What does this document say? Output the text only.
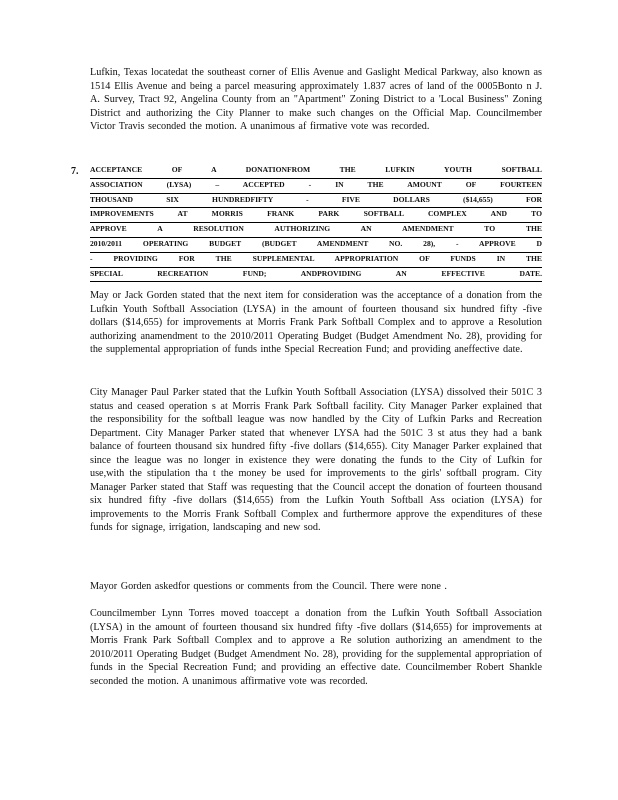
Lufkin, Texas locatedat the southeast corner of Ellis Avenue and Gaslight Medical Parkway, also known as 1514 Ellis Avenue and being a parcel measuring approximately 1.837 acres of land of the 0005Bonto n J. A. Survey, Tract 92, Angelina County from an "Apartment" Zoning District to a 'Local Business" Zoning District and authorizing the City Planner to make such changes on the Official Map. Councilmember Victor Travis seconded the motion. A unanimous af firmative vote was recorded.
7. ACCEPTANCE OF A DONATIONFROM THE LUFKIN YOUTH SOFTBALL
ASSOCIATION (LYSA) – ACCEPTED - IN THE AMOUNT OF FOURTEEN
THOUSAND SIX HUNDREDFIFTY - FIVE DOLLARS ($14,655) FOR
IMPROVEMENTS AT MORRIS FRANK PARK SOFTBALL COMPLEX AND TO
APPROVE A RESOLUTION AUTHORIZING AN AMENDMENT TO THE
2010/2011 OPERATING BUDGET (BUDGET AMENDMENT NO. 28), - APPROVE D
- PROVIDING FOR THE SUPPLEMENTAL APPROPRIATION OF FUNDS IN THE
SPECIAL RECREATION FUND; ANDPROVIDING AN EFFECTIVE DATE.
May or Jack Gorden stated that the next item for consideration was the acceptance of a donation from the Lufkin Youth Softball Association (LYSA) in the amount of fourteen thousand six hundred fifty -five dollars ($14,655) for improvements at Morris Frank Park Softball Complex and to approve a Resolution authorizing anamendment to the 2010/2011 Operating Budget (Budget Amendment No. 28), providing for the supplemental appropriation of funds inthe Special Recreation Fund; and providing aneffective date.
City Manager Paul Parker stated that the Lufkin Youth Softball Association (LYSA) dissolved their 501C 3 status and ceased operation s at Morris Frank Park Softball facility. City Manager Parker explained that the responsibility for the softball league was now handled by the City of Lufkin Parks and Recreation Department. City Manager Parker stated that whenever LYSA had the 501C 3 st atus they had a bank balance of fourteen thousand six hundred fifty -five dollars ($14,655). City Manager Parker explained that since the league was no longer in existence they were donating the funds to the City of Lufkin for use,with the stipulation tha t the money be used for improvements to the girls' softball program. City Manager Parker stated that Staff was requesting that the Council accept the donation of fourteen thousand six hundred fifty -five dollars ($14,655) from the Lufkin Youth Softball Ass ociation (LYSA) for improvements to the Morris Frank Softball Complex and furthermore approve the expenditures of these funds for signage, irrigation, landscaping and new sod.
Mayor Gorden askedfor questions or comments from the Council. There were none .
Councilmember Lynn Torres moved toaccept a donation from the Lufkin Youth Softball Association (LYSA) in the amount of fourteen thousand six hundred fifty -five dollars ($14,655) for improvements at Morris Frank Park Softball Complex and to approve a Re solution authorizing an amendment to the 2010/2011 Operating Budget (Budget Amendment No. 28), providing for the supplemental appropriation of funds in the Special Recreation Fund; and providing an effective date. Councilmember Robert Shankle seconded the motion. A unanimous affirmative vote was recorded.
